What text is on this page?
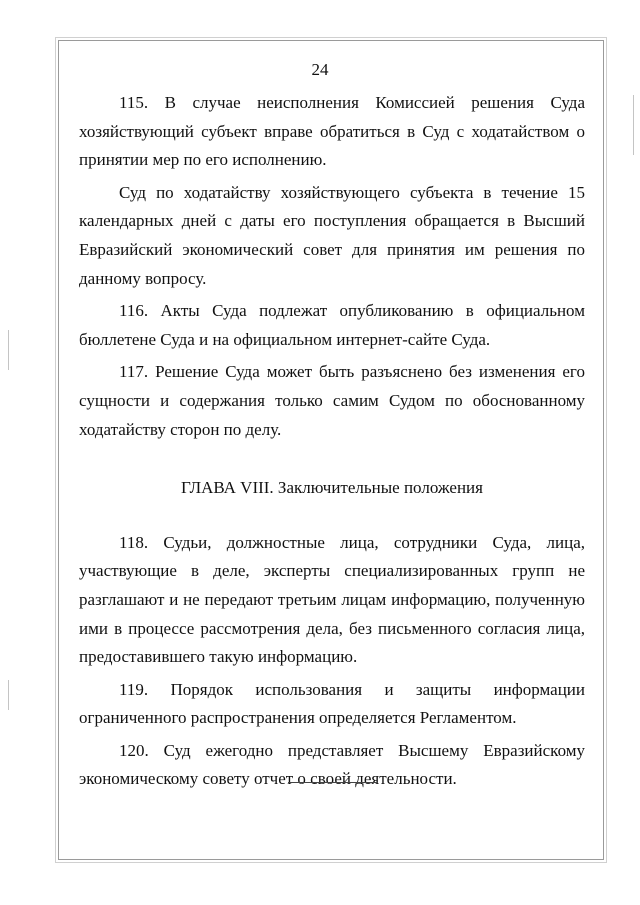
24

115. В случае неисполнения Комиссией решения Суда хозяйствующий субъект вправе обратиться в Суд с ходатайством о принятии мер по его исполнению.

Суд по ходатайству хозяйствующего субъекта в течение 15 календарных дней с даты его поступления обращается в Высший Евразийский экономический совет для принятия им решения по данному вопросу.

116. Акты Суда подлежат опубликованию в официальном бюллетене Суда и на официальном интернет-сайте Суда.

117. Решение Суда может быть разъяснено без изменения его сущности и содержания только самим Судом по обоснованному ходатайству сторон по делу.

ГЛАВА VIII. Заключительные положения

118. Судьи, должностные лица, сотрудники Суда, лица, участвующие в деле, эксперты специализированных групп не разглашают и не передают третьим лицам информацию, полученную ими в процессе рассмотрения дела, без письменного согласия лица, предоставившего такую информацию.

119. Порядок использования и защиты информации ограниченного распространения определяется Регламентом.

120. Суд ежегодно представляет Высшему Евразийскому экономическому совету отчет о своей деятельности.
